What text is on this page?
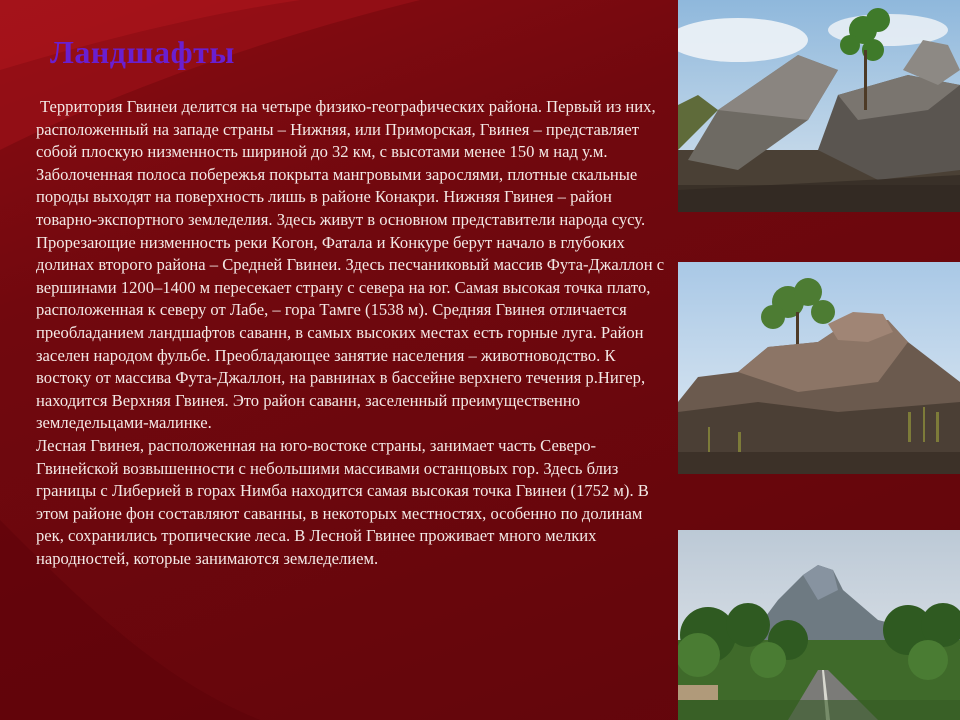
Ландшафты

Территория Гвинеи делится на четыре физико-географических района. Первый из них, расположенный на западе страны – Нижняя, или Приморская, Гвинея – представляет собой плоскую низменность шириной до 32 км, с высотами менее 150 м над у.м. Заболоченная полоса побережья покрыта мангровыми зарослями, плотные скальные породы выходят на поверхность лишь в районе Конакри. Нижняя Гвинея – район товарно-экспортного земледелия. Здесь живут в основном представители народа сусу. Прорезающие низменность реки Когон, Фатала и Конкуре берут начало в глубоких долинах второго района – Средней Гвинеи. Здесь песчаниковый массив Фута-Джаллон с вершинами 1200–1400 м пересекает страну с севера на юг. Самая высокая точка плато, расположенная к северу от Лабе, – гора Тамге (1538 м). Средняя Гвинея отличается преобладанием ландшафтов саванн, в самых высоких местах есть горные луга. Район заселен народом фульбе. Преобладающее занятие населения – животноводство. К востоку от массива Фута-Джаллон, на равнинах в бассейне верхнего течения р.Нигер, находится Верхняя Гвинея. Это район саванн, заселенный преимущественно земледельцами-малинке.

Лесная Гвинея, расположенная на юго-востоке страны, занимает часть Северо-Гвинейской возвышенности с небольшими массивами останцовых гор. Здесь близ границы с Либерией в горах Нимба находится самая высокая точка Гвинеи (1752 м). В этом районе фон составляют саванны, в некоторых местностях, особенно по долинам рек, сохранились тропические леса. В Лесной Гвинее проживает много мелких народностей, которые занимаются земледелием.
